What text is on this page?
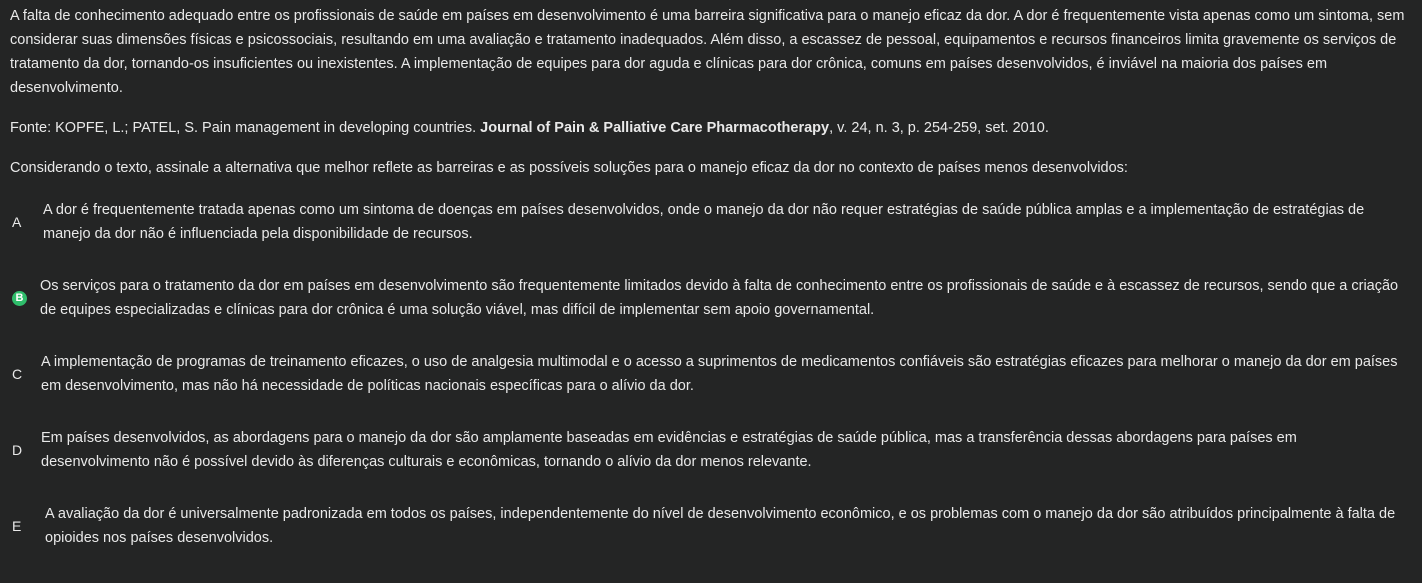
A falta de conhecimento adequado entre os profissionais de saúde em países em desenvolvimento é uma barreira significativa para o manejo eficaz da dor. A dor é frequentemente vista apenas como um sintoma, sem considerar suas dimensões físicas e psicossociais, resultando em uma avaliação e tratamento inadequados. Além disso, a escassez de pessoal, equipamentos e recursos financeiros limita gravemente os serviços de tratamento da dor, tornando-os insuficientes ou inexistentes. A implementação de equipes para dor aguda e clínicas para dor crônica, comuns em países desenvolvidos, é inviável na maioria dos países em desenvolvimento.

Fonte: KOPFE, L.; PATEL, S. Pain management in developing countries. Journal of Pain & Palliative Care Pharmacotherapy, v. 24, n. 3, p. 254-259, set. 2010.

Considerando o texto, assinale a alternativa que melhor reflete as barreiras e as possíveis soluções para o manejo eficaz da dor no contexto de países menos desenvolvidos:

A
A dor é frequentemente tratada apenas como um sintoma de doenças em países desenvolvidos, onde o manejo da dor não requer estratégias de saúde pública amplas e a implementação de estratégias de manejo da dor não é influenciada pela disponibilidade de recursos.
B
Os serviços para o tratamento da dor em países em desenvolvimento são frequentemente limitados devido à falta de conhecimento entre os profissionais de saúde e à escassez de recursos, sendo que a criação de equipes especializadas e clínicas para dor crônica é uma solução viável, mas difícil de implementar sem apoio governamental.
C
A implementação de programas de treinamento eficazes, o uso de analgesia multimodal e o acesso a suprimentos de medicamentos confiáveis são estratégias eficazes para melhorar o manejo da dor em países em desenvolvimento, mas não há necessidade de políticas nacionais específicas para o alívio da dor.
D
Em países desenvolvidos, as abordagens para o manejo da dor são amplamente baseadas em evidências e estratégias de saúde pública, mas a transferência dessas abordagens para países em desenvolvimento não é possível devido às diferenças culturais e econômicas, tornando o alívio da dor menos relevante.
E
A avaliação da dor é universalmente padronizada em todos os países, independentemente do nível de desenvolvimento econômico, e os problemas com o manejo da dor são atribuídos principalmente à falta de opioides nos países desenvolvidos.
